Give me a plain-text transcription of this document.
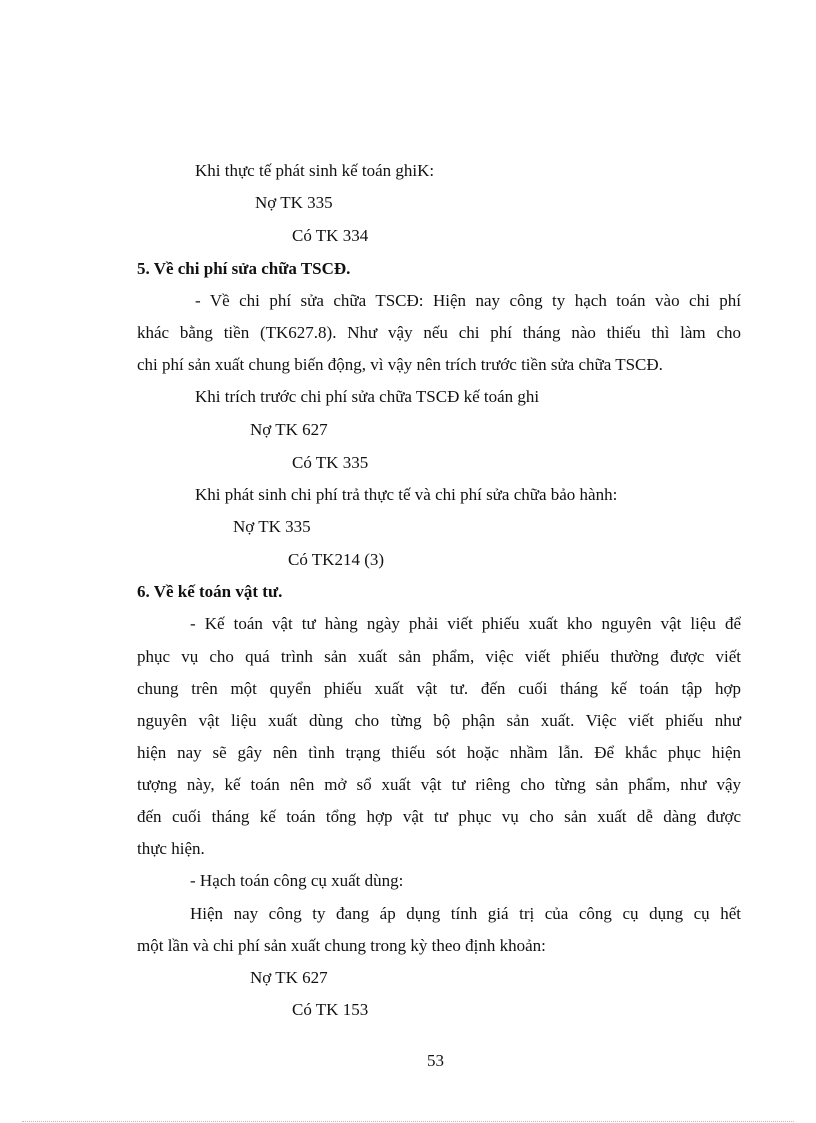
Khi thực tế phát sinh kế toán ghiK:
Nợ TK 335
Có TK 334
5. Về chi phí sửa chữa TSCĐ.
- Về chi phí sửa chữa TSCĐ: Hiện nay công ty hạch toán vào chi phí
khác bằng tiền (TK627.8). Như vậy nếu chi phí tháng nào thiếu thì làm cho
chi phí sản xuất chung biến động, vì vậy nên trích trước tiền sửa chữa TSCĐ.
Khi trích trước chi phí sửa chữa TSCĐ kế toán ghi
Nợ TK 627
Có TK 335
Khi phát sinh chi phí trả thực tế và chi phí sửa chữa bảo hành:
Nợ TK 335
Có TK214 (3)
6. Về kế toán vật tư.
- Kế toán vật tư hàng ngày phải viết phiếu xuất kho nguyên vật liệu để
phục vụ cho quá trình sản xuất sản phẩm, việc viết phiếu thường được viết
chung trên một quyển phiếu xuất vật tư. đến cuối tháng kế toán tập hợp
nguyên vật liệu xuất dùng cho từng bộ phận sản xuất. Việc viết phiếu như
hiện nay sẽ gây nên tình trạng thiếu sót hoặc nhầm lẫn. Để khắc phục hiện
tượng này, kế toán nên mở sổ xuất vật tư riêng cho từng sản phẩm, như vậy
đến cuối tháng kế toán tổng hợp vật tư phục vụ cho sản xuất dễ dàng được
thực hiện.
- Hạch toán công cụ xuất dùng:
Hiện nay công ty đang áp dụng tính giá trị của công cụ dụng cụ hết
một lần và chi phí sản xuất chung trong kỳ theo định khoản:
Nợ TK 627
Có TK 153
53
